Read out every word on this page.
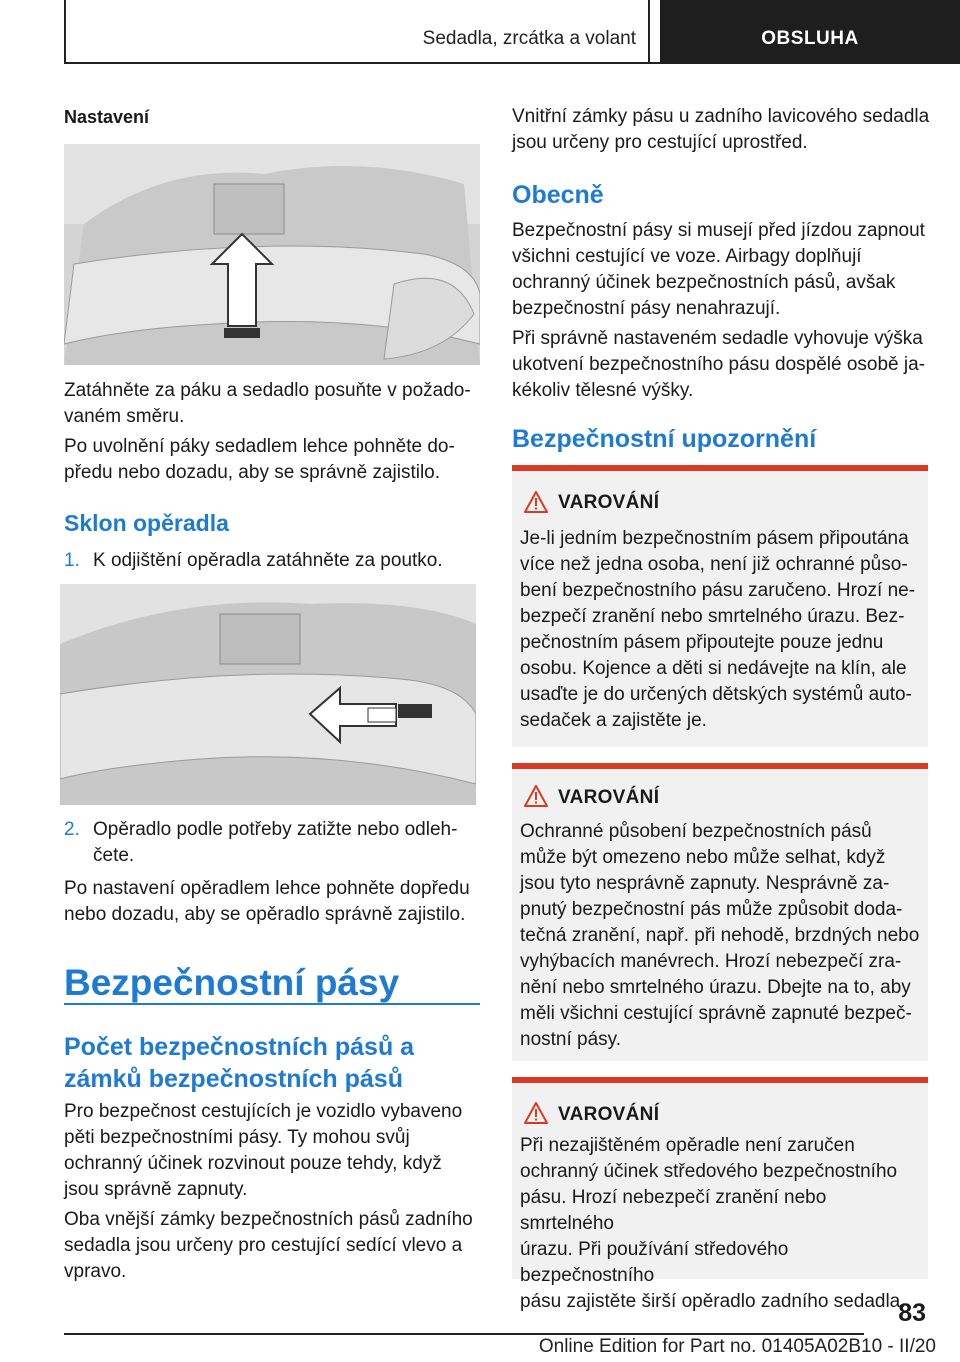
Sedadla, zrcátka a volant	OBSLUHA
Nastavení

Zatáhněte za páku a sedadlo posuňte v požado-

vaném směru.

Po uvolnění páky sedadlem lehce pohněte do-

předu nebo dozadu, aby se správně zajistilo.

Sklon opěradla
1. K odjištění opěradla zatáhněte za poutko.
2. Opěradlo podle potřeby zatižte nebo odleh-

čete.

Po nastavení opěradlem lehce pohněte dopředu

nebo dozadu, aby se opěradlo správně zajistilo.

Bezpečnostní pásy
Počet bezpečnostních pásů a
zámků bezpečnostních pásů

Pro bezpečnost cestujících je vozidlo vybaveno

pěti bezpečnostními pásy. Ty mohou svůj

ochranný účinek rozvinout pouze tehdy, když

jsou správně zapnuty.

Oba vnější zámky bezpečnostních pásů zadního

sedadla jsou určeny pro cestující sedící vlevo a

vpravo.

Vnitřní zámky pásu u zadního lavicového sedadla

jsou určeny pro cestující uprostřed.

Obecně

Bezpečnostní pásy si musejí před jízdou zapnout

všichni cestující ve voze. Airbagy doplňují

ochranný účinek bezpečnostních pásů, avšak

bezpečnostní pásy nenahrazují.

Při správně nastaveném sedadle vyhovuje výška

ukotvení bezpečnostního pásu dospělé osobě ja-

kékoliv tělesné výšky.

Bezpečnostní upozornění
VAROVÁNÍ

Je-li jedním bezpečnostním pásem připoutána

více než jedna osoba, není již ochranné půso-

bení bezpečnostního pásu zaručeno. Hrozí ne-

bezpečí zranění nebo smrtelného úrazu. Bez-

pečnostním pásem připoutejte pouze jednu

osobu. Kojence a děti si nedávejte na klín, ale

usaďte je do určených dětských systémů auto-

sedaček a zajistěte je.

VAROVÁNÍ

Ochranné působení bezpečnostních pásů

může být omezeno nebo může selhat, když

jsou tyto nesprávně zapnuty. Nesprávně za-

pnutý bezpečnostní pás může způsobit doda-

tečná zranění, např. při nehodě, brzdných nebo

vyhýbacích manévrech. Hrozí nebezpečí zra-

nění nebo smrtelného úrazu. Dbejte na to, aby

měli všichni cestující správně zapnuté bezpeč-

nostní pásy.

VAROVÁNÍ

Při nezajištěném opěradle není zaručen

ochranný účinek středového bezpečnostního

pásu. Hrozí nebezpečí zranění nebo smrtelného

úrazu. Při používání středového bezpečnostního

pásu zajistěte širší opěradlo zadního sedadla.

83
Online Edition for Part no. 01405A02B10 - II/20
